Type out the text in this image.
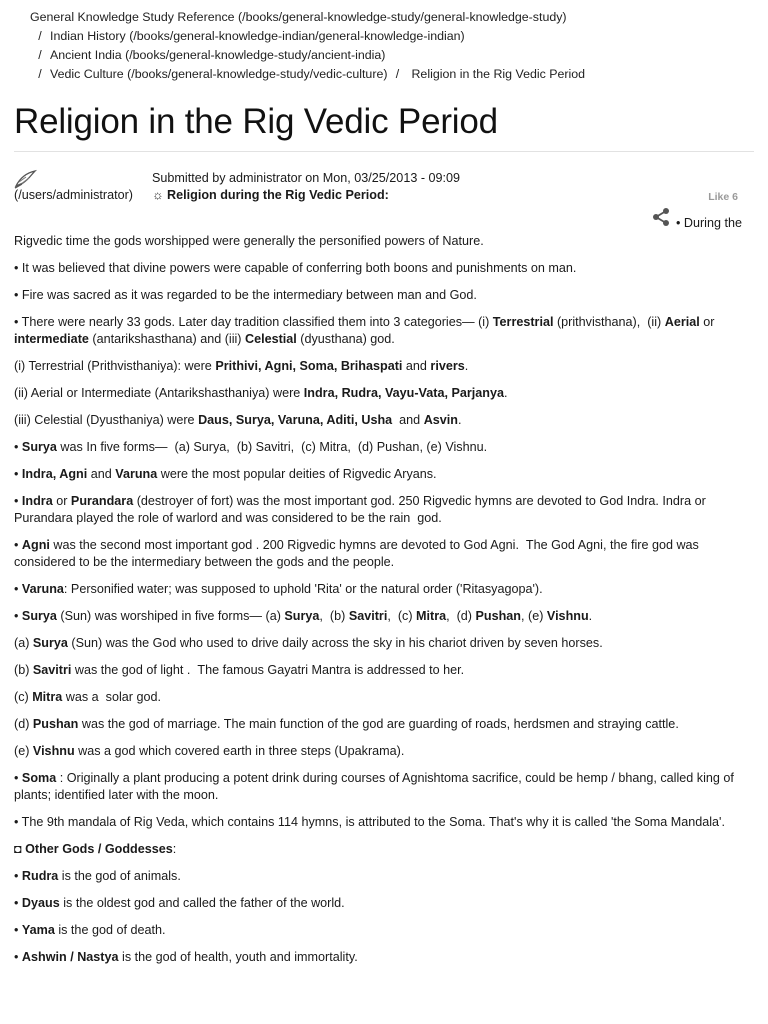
General Knowledge Study Reference (/books/general-knowledge-study/general-knowledge-study)
/ Indian History (/books/general-knowledge-indian/general-knowledge-indian)
/ Ancient India (/books/general-knowledge-study/ancient-india)
/ Vedic Culture (/books/general-knowledge-study/vedic-culture) / Religion in the Rig Vedic Period
Religion in the Rig Vedic Period
(/users/administrator)
Submitted by administrator on Mon, 03/25/2013 - 09:09
☼ Religion during the Rig Vedic Period:	Like 6
• During the

Rigvedic time the gods worshipped were generally the personified powers of Nature.

• It was believed that divine powers were capable of conferring both boons and punishments on man.

• Fire was sacred as it was regarded to be the intermediary between man and God.

• There were nearly 33 gods. Later day tradition classified them into 3 categories— (i) Terrestrial (prithvisthana),  (ii) Aerial or intermediate (antarikshasthana) and (iii) Celestial (dyusthana) god.

(i) Terrestrial (Prithvisthaniya): were Prithivi, Agni, Soma, Brihaspati and rivers.

(ii) Aerial or Intermediate (Antarikshasthaniya) were Indra, Rudra, Vayu-Vata, Parjanya.

(iii) Celestial (Dyusthaniya) were Daus, Surya, Varuna, Aditi, Usha  and Asvin.

• Surya was In five forms—  (a) Surya,  (b) Savitri,  (c) Mitra,  (d) Pushan, (e) Vishnu.

• Indra, Agni and Varuna were the most popular deities of Rigvedic Aryans.

• Indra or Purandara (destroyer of fort) was the most important god. 250 Rigvedic hymns are devoted to God Indra. Indra or Purandara played the role of warlord and was considered to be the rain  god.

• Agni was the second most important god . 200 Rigvedic hymns are devoted to God Agni.  The God Agni, the fire god was considered to be the intermediary between the gods and the people.

• Varuna: Personified water; was supposed to uphold 'Rita' or the natural order ('Ritasyagopa').

• Surya (Sun) was worshiped in five forms— (a) Surya,  (b) Savitri,  (c) Mitra,  (d) Pushan, (e) Vishnu.

(a) Surya (Sun) was the God who used to drive daily across the sky in his chariot driven by seven horses.

(b) Savitri was the god of light .  The famous Gayatri Mantra is addressed to her.

(c) Mitra was a  solar god.

(d) Pushan was the god of marriage. The main function of the god are guarding of roads, herdsmen and straying cattle.

(e) Vishnu was a god which covered earth in three steps (Upakrama).

• Soma : Originally a plant producing a potent drink during courses of Agnishtoma sacrifice, could be hemp / bhang, called king of plants; identified later with the moon.

• The 9th mandala of Rig Veda, which contains 114 hymns, is attributed to the Soma. That's why it is called 'the Soma Mandala'.

◘ Other Gods / Goddesses:

• Rudra is the god of animals.

• Dyaus is the oldest god and called the father of the world.

• Yama is the god of death.

• Ashwin / Nastya is the god of health, youth and immortality.
